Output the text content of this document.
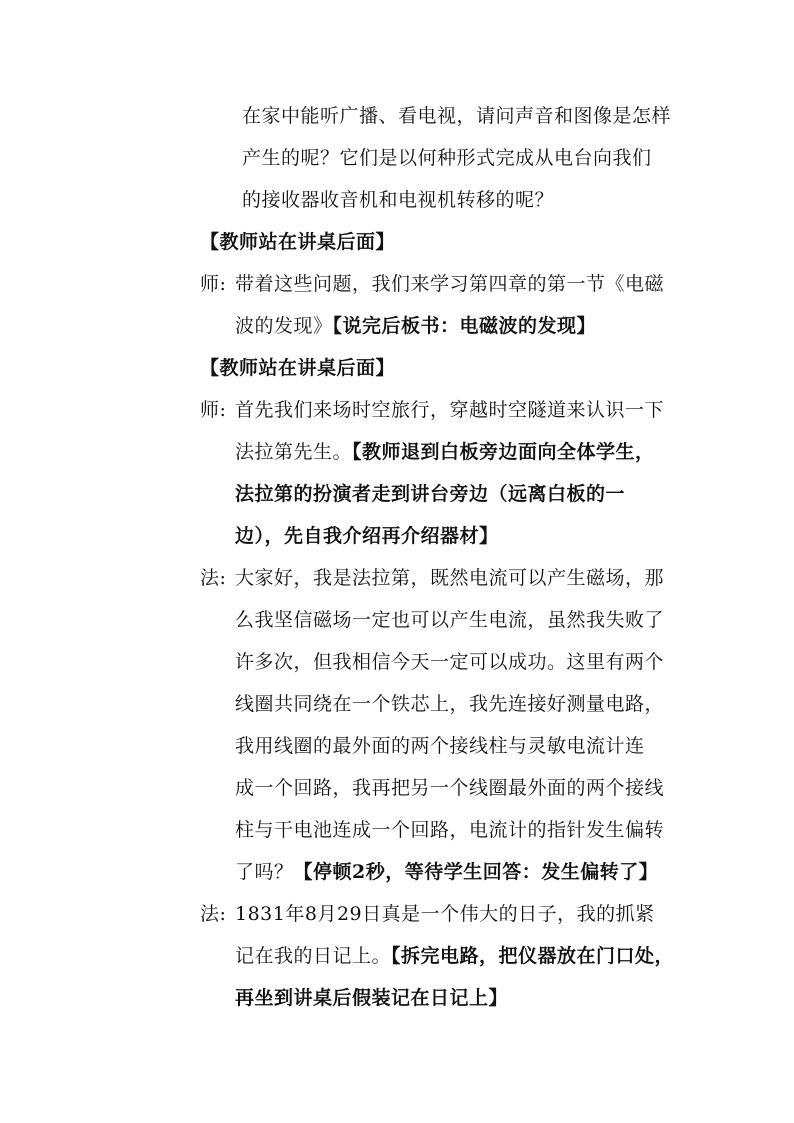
在家中能听广播、看电视，请问声音和图像是怎样
产生的呢？它们是以何种形式完成从电台向我们
的接收器收音机和电视机转移的呢？
【教师站在讲桌后面】
师: 带着这些问题，我们来学习第四章的第一节《电磁
波的发现》【说完后板书：电磁波的发现】
【教师站在讲桌后面】
师: 首先我们来场时空旅行，穿越时空隧道来认识一下
法拉第先生。【教师退到白板旁边面向全体学生，
法拉第的扮演者走到讲台旁边（远离白板的一
边），先自我介绍再介绍器材】
法: 大家好，我是法拉第，既然电流可以产生磁场，那
么我坚信磁场一定也可以产生电流，虽然我失败了
许多次，但我相信今天一定可以成功。这里有两个
线圈共同绕在一个铁芯上，我先连接好测量电路，
我用线圈的最外面的两个接线柱与灵敏电流计连
成一个回路，我再把另一个线圈最外面的两个接线
柱与干电池连成一个回路，电流计的指针发生偏转
了吗？【停顿2秒，等待学生回答：发生偏转了】
法: 1831年8月29日真是一个伟大的日子，我的抓紧
记在我的日记上。【拆完电路，把仪器放在门口处，
再坐到讲桌后假装记在日记上】
